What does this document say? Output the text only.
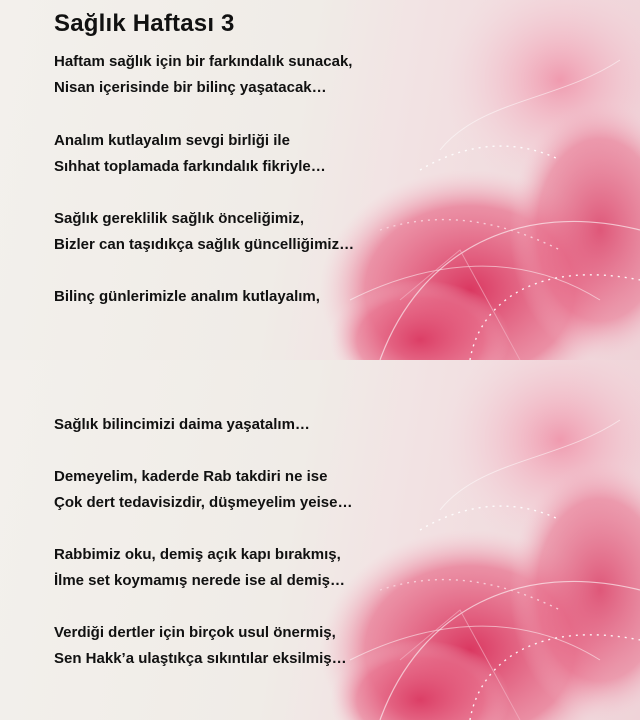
Sağlık Haftası 3
Haftam sağlık için bir farkındalık sunacak,
Nisan içerisinde bir bilinç yaşatacak…
Analım kutlayalım sevgi birliği ile
Sıhhat toplamada farkındalık fikriyle…
Sağlık gereklilik sağlık önceliğimiz,
Bizler can taşıdıkça sağlık güncelliğimiz…
Bilinç günlerimizle analım kutlayalım,
Sağlık bilincimizi daima yaşatalım…
Demeyelim, kaderde Rab takdiri ne ise
Çok dert tedavisizdir, düşmeyelim yeise…
Rabbimiz oku, demiş açık kapı bırakmış,
İlme set koymamış nerede ise al demiş…
Verdiği dertler için birçok usul önermiş,
Sen Hakk’a ulaştıkça sıkıntılar eksilmiş…
